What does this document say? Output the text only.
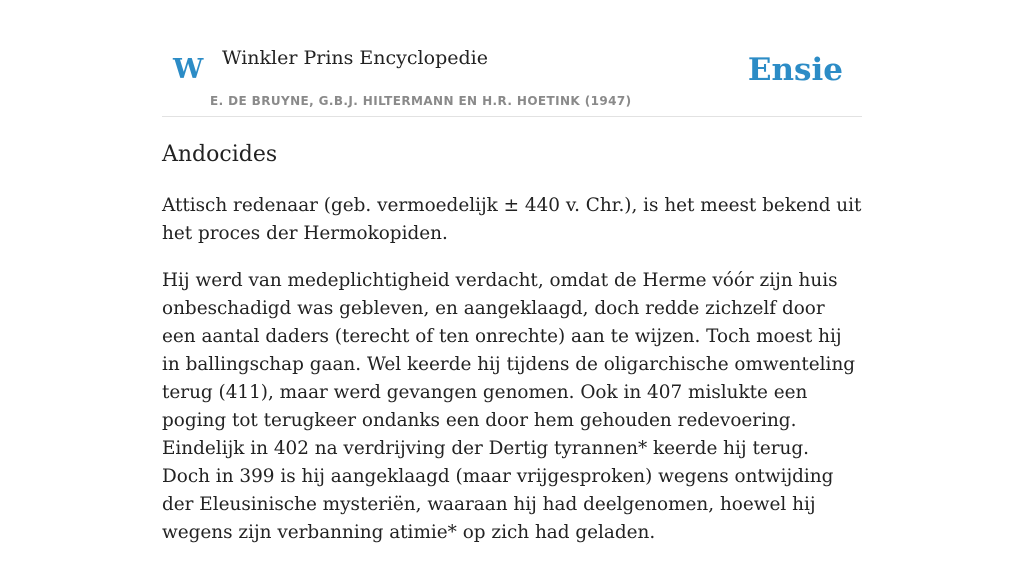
W Winkler Prins Encyclopedie
E. DE BRUYNE, G.B.J. HILTERMANN EN H.R. HOETINK (1947)
Ensie
Andocides

Attisch redenaar (geb. vermoedelijk ± 440 v. Chr.), is het meest bekend uit het proces der Hermokopiden.

Hij werd van medeplichtigheid verdacht, omdat de Herme vóór zijn huis onbeschadigd was gebleven, en aangeklaagd, doch redde zichzelf door een aantal daders (terecht of ten onrechte) aan te wijzen. Toch moest hij in ballingschap gaan. Wel keerde hij tijdens de oligarchische omwenteling terug (411), maar werd gevangen genomen. Ook in 407 mislukte een poging tot terugkeer ondanks een door hem gehouden redevoering. Eindelijk in 402 na verdrijving der Dertig tyrannen* keerde hij terug. Doch in 399 is hij aangeklaagd (maar vrijgesproken) wegens ontwijding der Eleusinische mysteriën, waaraan hij had deelgenomen, hoewel hij wegens zijn verbanning atimie* op zich had geladen.
